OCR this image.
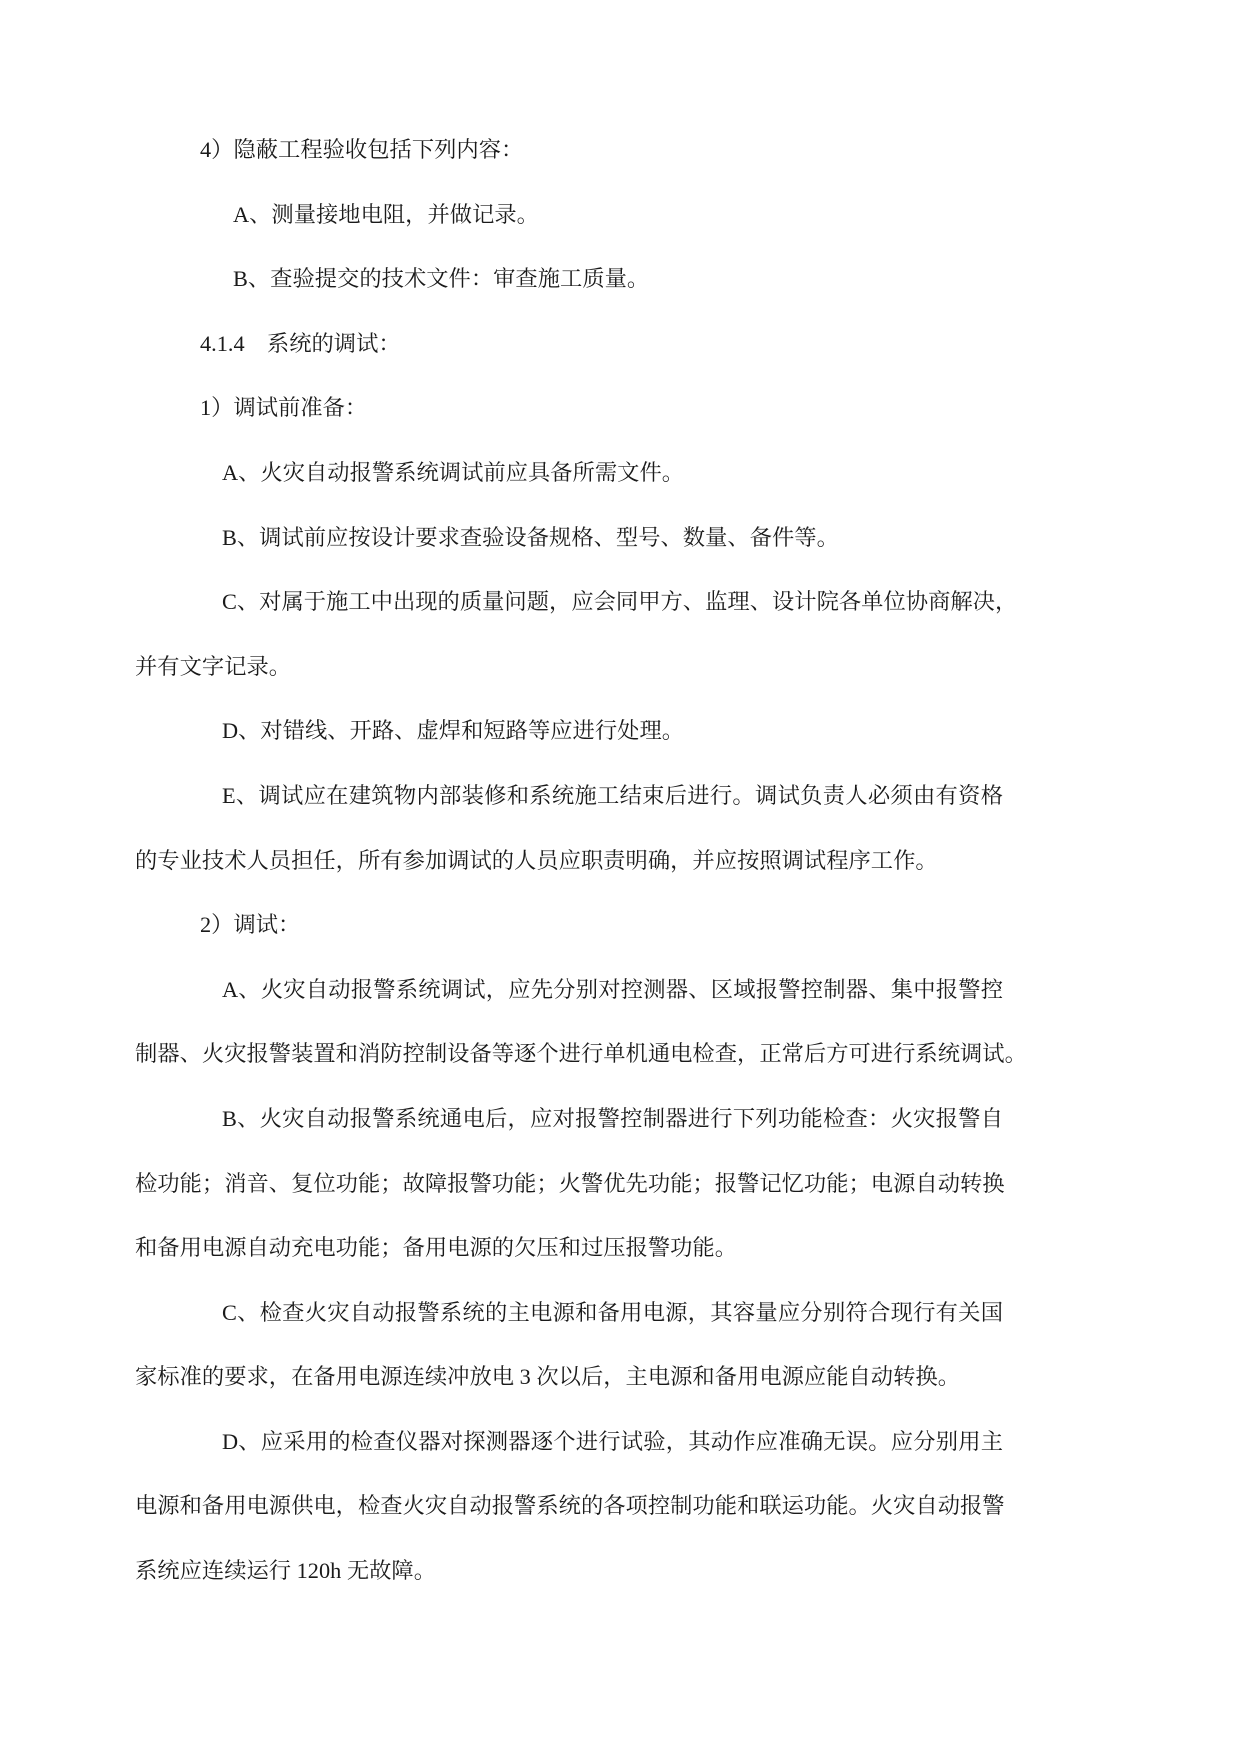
4）隐蔽工程验收包括下列内容：
A、测量接地电阻，并做记录。
B、查验提交的技术文件：审查施工质量。
4.1.4　系统的调试：
1）调试前准备：
A、火灾自动报警系统调试前应具备所需文件。
B、调试前应按设计要求查验设备规格、型号、数量、备件等。
C、对属于施工中出现的质量问题，应会同甲方、监理、设计院各单位协商解决，
并有文字记录。
D、对错线、开路、虚焊和短路等应进行处理。
E、调试应在建筑物内部装修和系统施工结束后进行。调试负责人必须由有资格
的专业技术人员担任，所有参加调试的人员应职责明确，并应按照调试程序工作。
2）调试：
A、火灾自动报警系统调试，应先分别对控测器、区域报警控制器、集中报警控
制器、火灾报警装置和消防控制设备等逐个进行单机通电检查，正常后方可进行系统调试。
B、火灾自动报警系统通电后，应对报警控制器进行下列功能检查：火灾报警自
检功能；消音、复位功能；故障报警功能；火警优先功能；报警记忆功能；电源自动转换
和备用电源自动充电功能；备用电源的欠压和过压报警功能。
C、检查火灾自动报警系统的主电源和备用电源，其容量应分别符合现行有关国
家标准的要求，在备用电源连续冲放电 3 次以后，主电源和备用电源应能自动转换。
D、应采用的检查仪器对探测器逐个进行试验，其动作应准确无误。应分别用主
电源和备用电源供电，检查火灾自动报警系统的各项控制功能和联运功能。火灾自动报警
系统应连续运行 120h 无故障。
